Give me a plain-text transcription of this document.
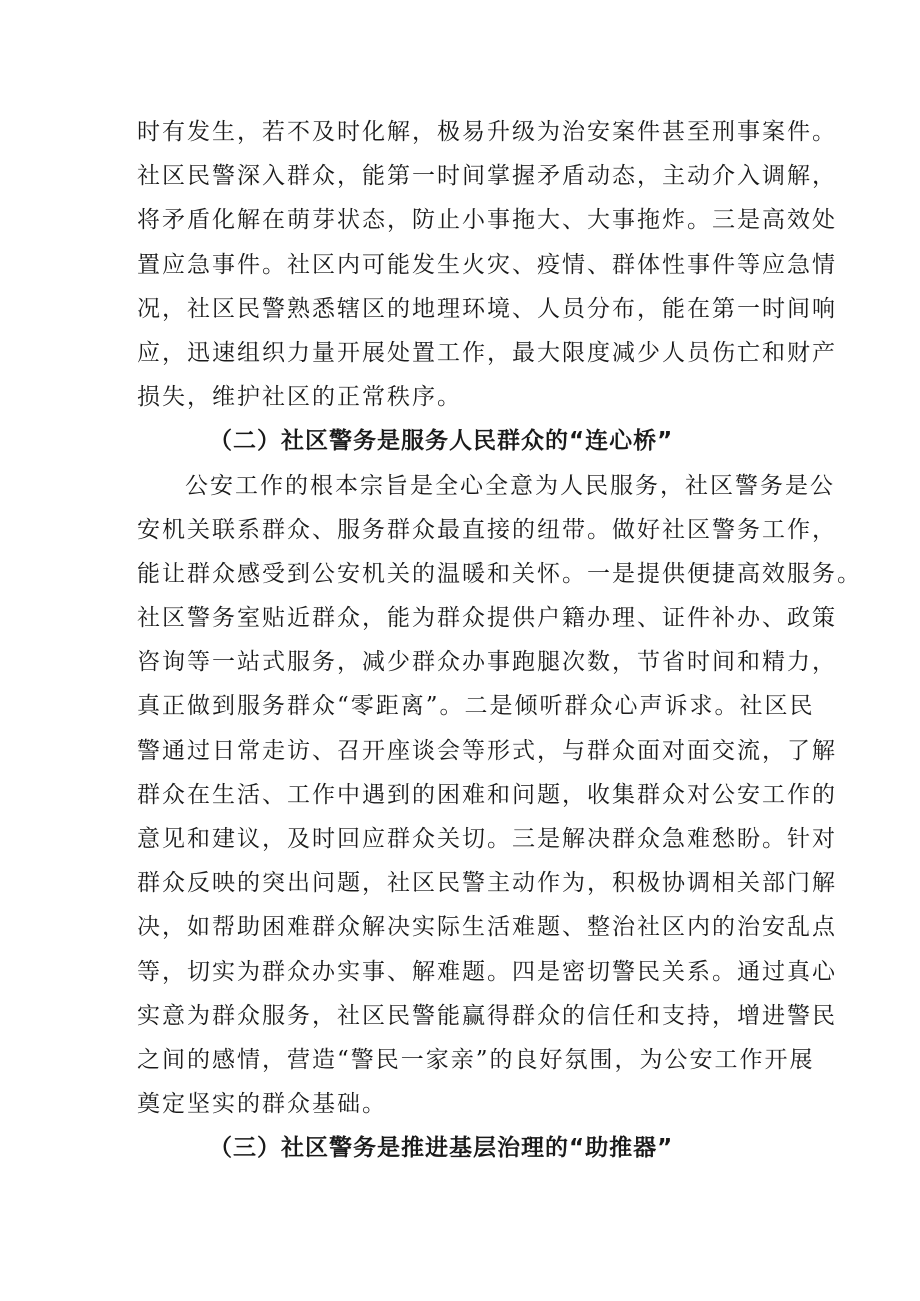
时有发生，若不及时化解，极易升级为治安案件甚至刑事案件。
社区民警深入群众，能第一时间掌握矛盾动态，主动介入调解，
将矛盾化解在萌芽状态，防止小事拖大、大事拖炸。三是高效处
置应急事件。社区内可能发生火灾、疫情、群体性事件等应急情
况，社区民警熟悉辖区的地理环境、人员分布，能在第一时间响
应，迅速组织力量开展处置工作，最大限度减少人员伤亡和财产
损失，维护社区的正常秩序。
（二）社区警务是服务人民群众的“连心桥”
公安工作的根本宗旨是全心全意为人民服务，社区警务是公
安机关联系群众、服务群众最直接的纽带。做好社区警务工作，
能让群众感受到公安机关的温暖和关怀。一是提供便捷高效服务。
社区警务室贴近群众，能为群众提供户籍办理、证件补办、政策
咨询等一站式服务，减少群众办事跑腿次数，节省时间和精力，
真正做到服务群众“零距离”。二是倾听群众心声诉求。社区民
警通过日常走访、召开座谈会等形式，与群众面对面交流，了解
群众在生活、工作中遇到的困难和问题，收集群众对公安工作的
意见和建议，及时回应群众关切。三是解决群众急难愁盼。针对
群众反映的突出问题，社区民警主动作为，积极协调相关部门解
决，如帮助困难群众解决实际生活难题、整治社区内的治安乱点
等，切实为群众办实事、解难题。四是密切警民关系。通过真心
实意为群众服务，社区民警能赢得群众的信任和支持，增进警民
之间的感情，营造“警民一家亲”的良好氛围，为公安工作开展
奠定坚实的群众基础。
（三）社区警务是推进基层治理的“助推器”
